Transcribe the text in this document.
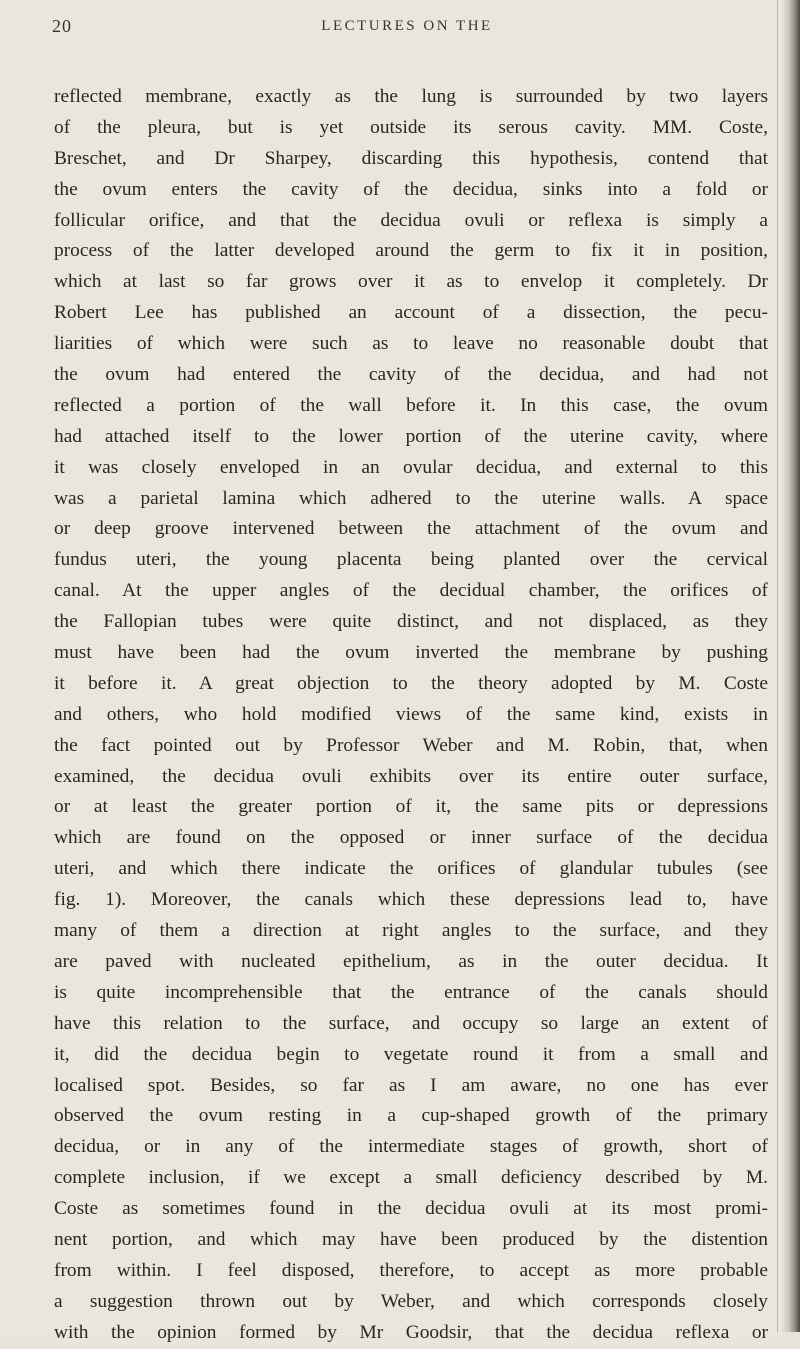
20	LECTURES ON THE
reflected membrane, exactly as the lung is surrounded by two layers
of the pleura, but is yet outside its serous cavity. MM. Coste,
Breschet, and Dr Sharpey, discarding this hypothesis, contend that
the ovum enters the cavity of the decidua, sinks into a fold or
follicular orifice, and that the decidua ovuli or reflexa is simply a
process of the latter developed around the germ to fix it in position,
which at last so far grows over it as to envelop it completely. Dr
Robert Lee has published an account of a dissection, the pecu-
liarities of which were such as to leave no reasonable doubt that
the ovum had entered the cavity of the decidua, and had not
reflected a portion of the wall before it. In this case, the ovum
had attached itself to the lower portion of the uterine cavity, where
it was closely enveloped in an ovular decidua, and external to this
was a parietal lamina which adhered to the uterine walls. A space
or deep groove intervened between the attachment of the ovum and
fundus uteri, the young placenta being planted over the cervical
canal. At the upper angles of the decidual chamber, the orifices of
the Fallopian tubes were quite distinct, and not displaced, as they
must have been had the ovum inverted the membrane by pushing
it before it. A great objection to the theory adopted by M. Coste
and others, who hold modified views of the same kind, exists in
the fact pointed out by Professor Weber and M. Robin, that, when
examined, the decidua ovuli exhibits over its entire outer surface,
or at least the greater portion of it, the same pits or depressions
which are found on the opposed or inner surface of the decidua
uteri, and which there indicate the orifices of glandular tubules (see
fig. 1). Moreover, the canals which these depressions lead to, have
many of them a direction at right angles to the surface, and they
are paved with nucleated epithelium, as in the outer decidua. It
is quite incomprehensible that the entrance of the canals should
have this relation to the surface, and occupy so large an extent of
it, did the decidua begin to vegetate round it from a small and
localised spot. Besides, so far as I am aware, no one has ever
observed the ovum resting in a cup-shaped growth of the primary
decidua, or in any of the intermediate stages of growth, short of
complete inclusion, if we except a small deficiency described by M.
Coste as sometimes found in the decidua ovuli at its most promi-
nent portion, and which may have been produced by the distention
from within. I feel disposed, therefore, to accept as more probable
a suggestion thrown out by Weber, and which corresponds closely
with the opinion formed by Mr Goodsir, that the decidua reflexa or
